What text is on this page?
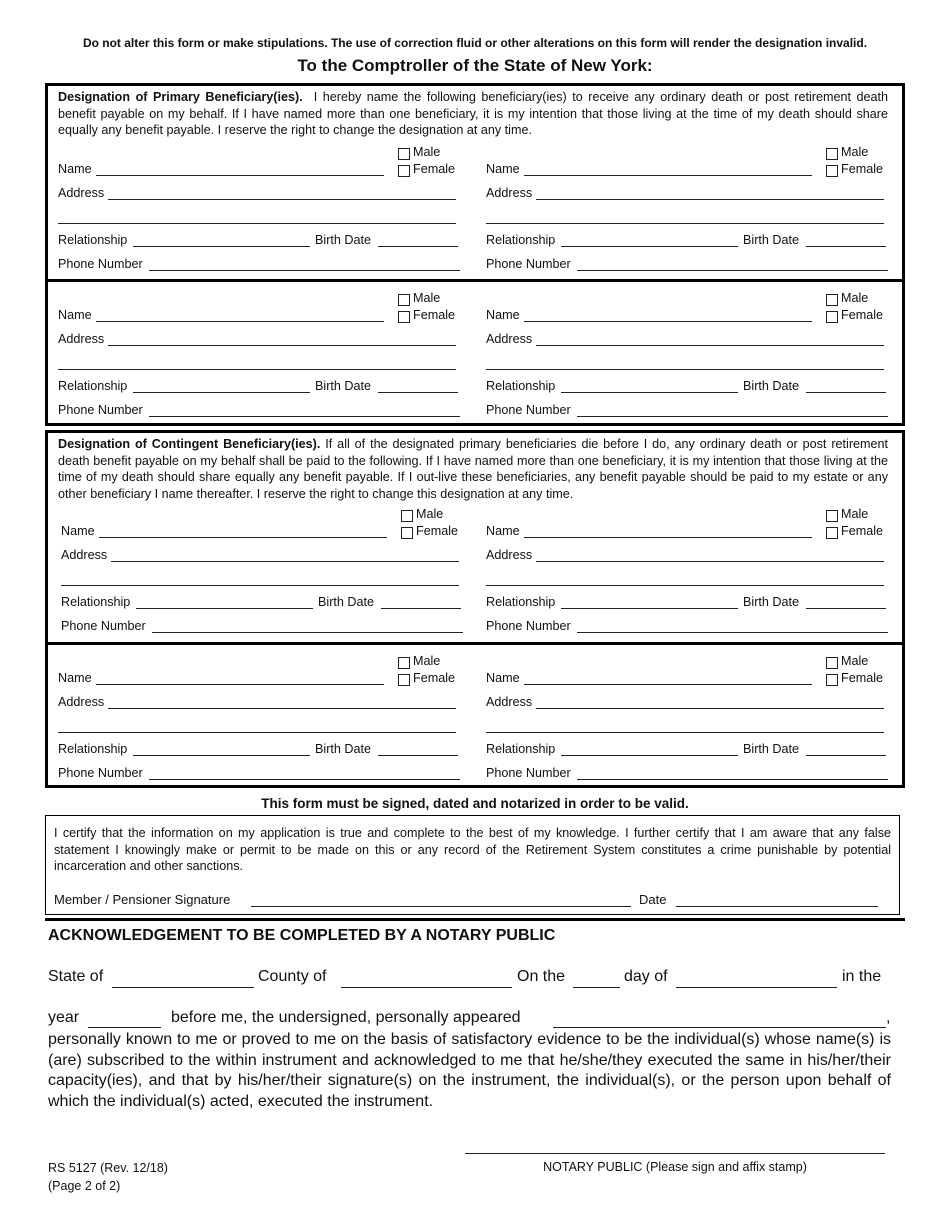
Do not alter this form or make stipulations. The use of correction fluid or other alterations on this form will render the designation invalid.
To the Comptroller of the State of New York:
Designation of Primary Beneficiary(ies). I hereby name the following beneficiary(ies) to receive any ordinary death or post retirement death benefit payable on my behalf. If I have named more than one beneficiary, it is my intention that those living at the time of my death should share equally any benefit payable. I reserve the right to change the designation at any time.
Male
Name	Female
Address
Relationship	Birth Date
Phone Number
Male
Name	Female
Address
Relationship	Birth Date
Phone Number
Male
Name	Female
Address
Relationship	Birth Date
Phone Number
Male
Name	Female
Address
Relationship	Birth Date
Phone Number
Designation of Contingent Beneficiary(ies). If all of the designated primary beneficiaries die before I do, any ordinary death or post retirement death benefit payable on my behalf shall be paid to the following. If I have named more than one beneficiary, it is my intention that those living at the time of my death should share equally any benefit payable. If I out-live these beneficiaries, any benefit payable should be paid to my estate or any other beneficiary I name thereafter. I reserve the right to change this designation at any time.
Male
Name	Female
Address
Relationship	Birth Date
Phone Number
Male
Name	Female
Address
Relationship	Birth Date
Phone Number
Male
Name	Female
Address
Relationship	Birth Date
Phone Number
Male
Name	Female
Address
Relationship	Birth Date
Phone Number
This form must be signed, dated and notarized in order to be valid.
I certify that the information on my application is true and complete to the best of my knowledge. I further certify that I am aware that any false statement I knowingly make or permit to be made on this or any record of the Retirement System constitutes a crime punishable by potential incarceration and other sanctions.
Member / Pensioner Signature	Date
ACKNOWLEDGEMENT TO BE COMPLETED BY A NOTARY PUBLIC
State of	County of	On the	day of	in the
year	before me, the undersigned, personally appeared	,
personally known to me or proved to me on the basis of satisfactory evidence to be the individual(s) whose name(s) is (are) subscribed to the within instrument and acknowledged to me that he/she/they executed the same in his/her/their capacity(ies), and that by his/her/their signature(s) on the instrument, the individual(s), or the person upon behalf of which the individual(s) acted, executed the instrument.
RS 5127 (Rev. 12/18)
(Page 2 of 2)
NOTARY PUBLIC (Please sign and affix stamp)
